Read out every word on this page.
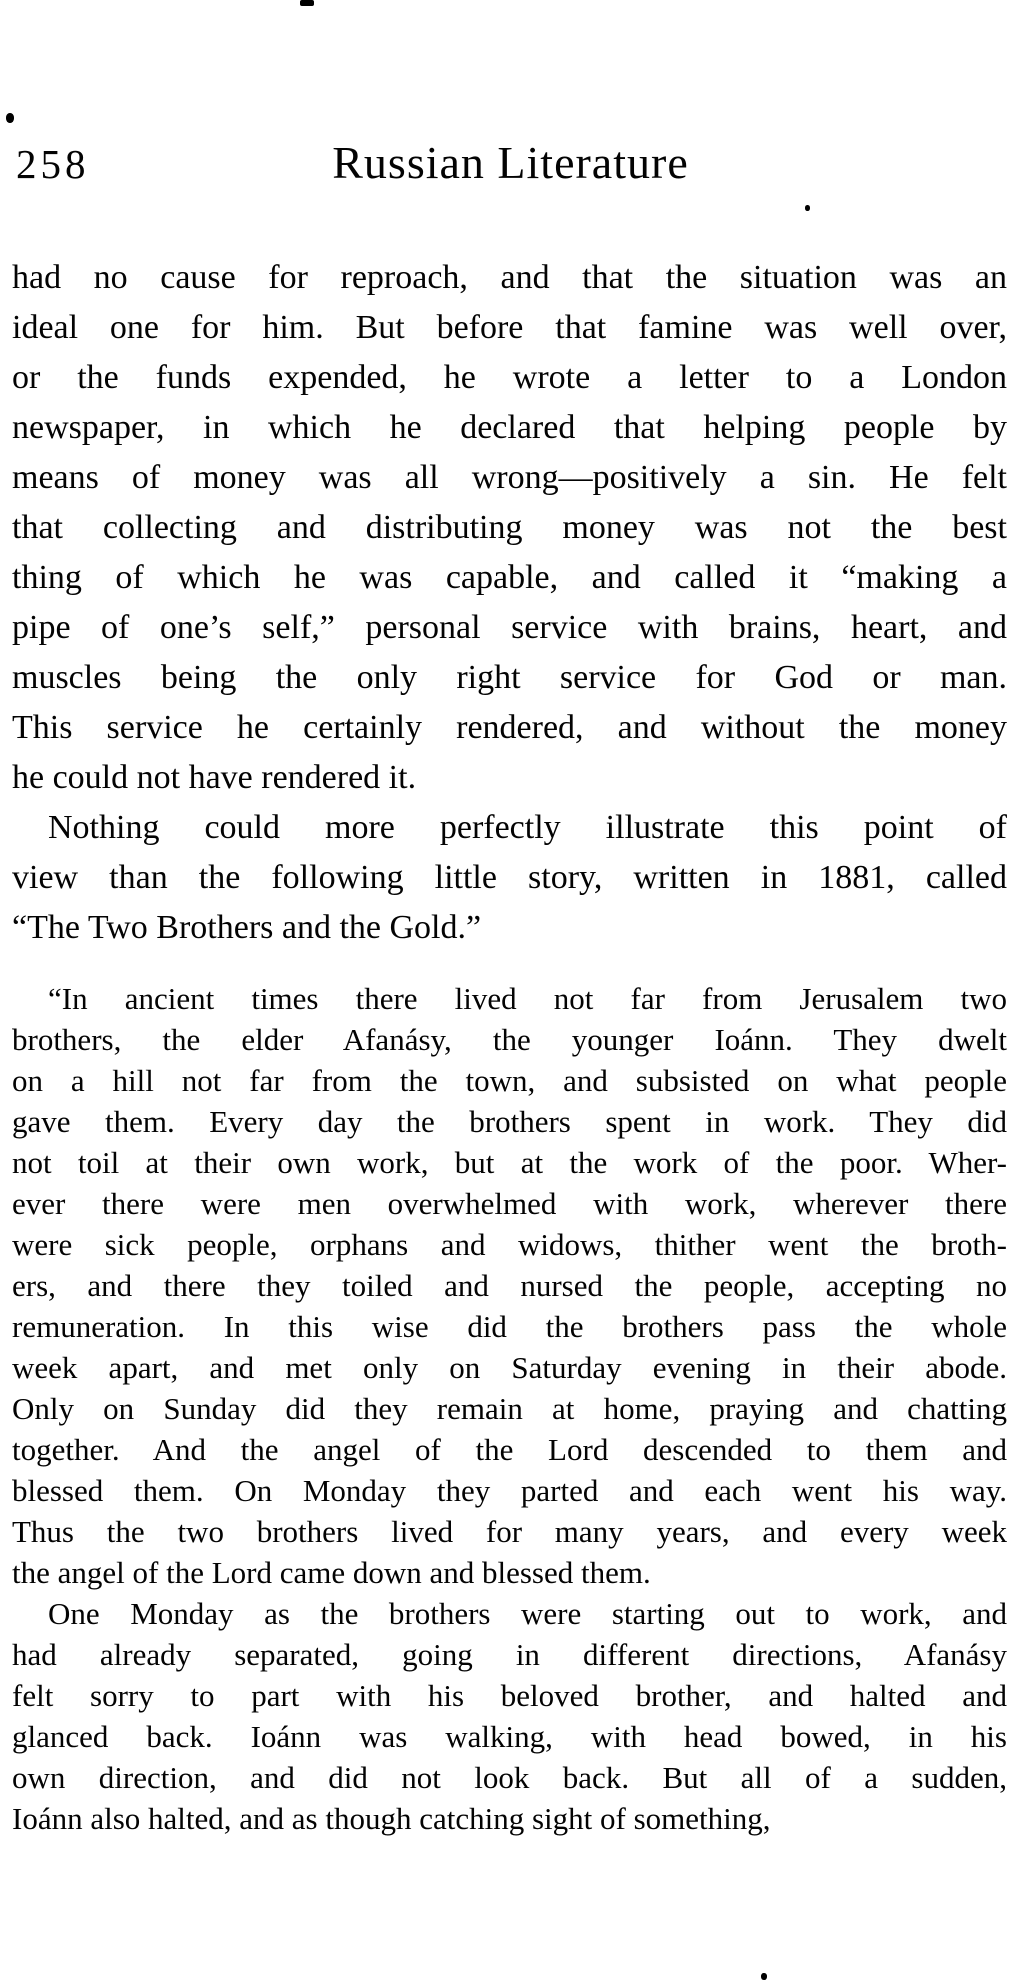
258	Russian Literature
had no cause for reproach, and that the situation was an
ideal one for him. But before that famine was well over,
or the funds expended, he wrote a letter to a London
newspaper, in which he declared that helping people by
means of money was all wrong—positively a sin. He felt
that collecting and distributing money was not the best
thing of which he was capable, and called it “making a
pipe of one’s self,” personal service with brains, heart, and
muscles being the only right service for God or man.
This service he certainly rendered, and without the money
he could not have rendered it.
Nothing could more perfectly illustrate this point of
view than the following little story, written in 1881, called
“The Two Brothers and the Gold.”
“In ancient times there lived not far from Jerusalem two
brothers, the elder Afanásy, the younger Ioánn. They dwelt
on a hill not far from the town, and subsisted on what people
gave them. Every day the brothers spent in work. They did
not toil at their own work, but at the work of the poor. Wher-
ever there were men overwhelmed with work, wherever there
were sick people, orphans and widows, thither went the broth-
ers, and there they toiled and nursed the people, accepting no
remuneration. In this wise did the brothers pass the whole
week apart, and met only on Saturday evening in their abode.
Only on Sunday did they remain at home, praying and chatting
together. And the angel of the Lord descended to them and
blessed them. On Monday they parted and each went his way.
Thus the two brothers lived for many years, and every week
the angel of the Lord came down and blessed them.
One Monday as the brothers were starting out to work, and
had already separated, going in different directions, Afanásy
felt sorry to part with his beloved brother, and halted and
glanced back. Ioánn was walking, with head bowed, in his
own direction, and did not look back. But all of a sudden,
Ioánn also halted, and as though catching sight of something,
